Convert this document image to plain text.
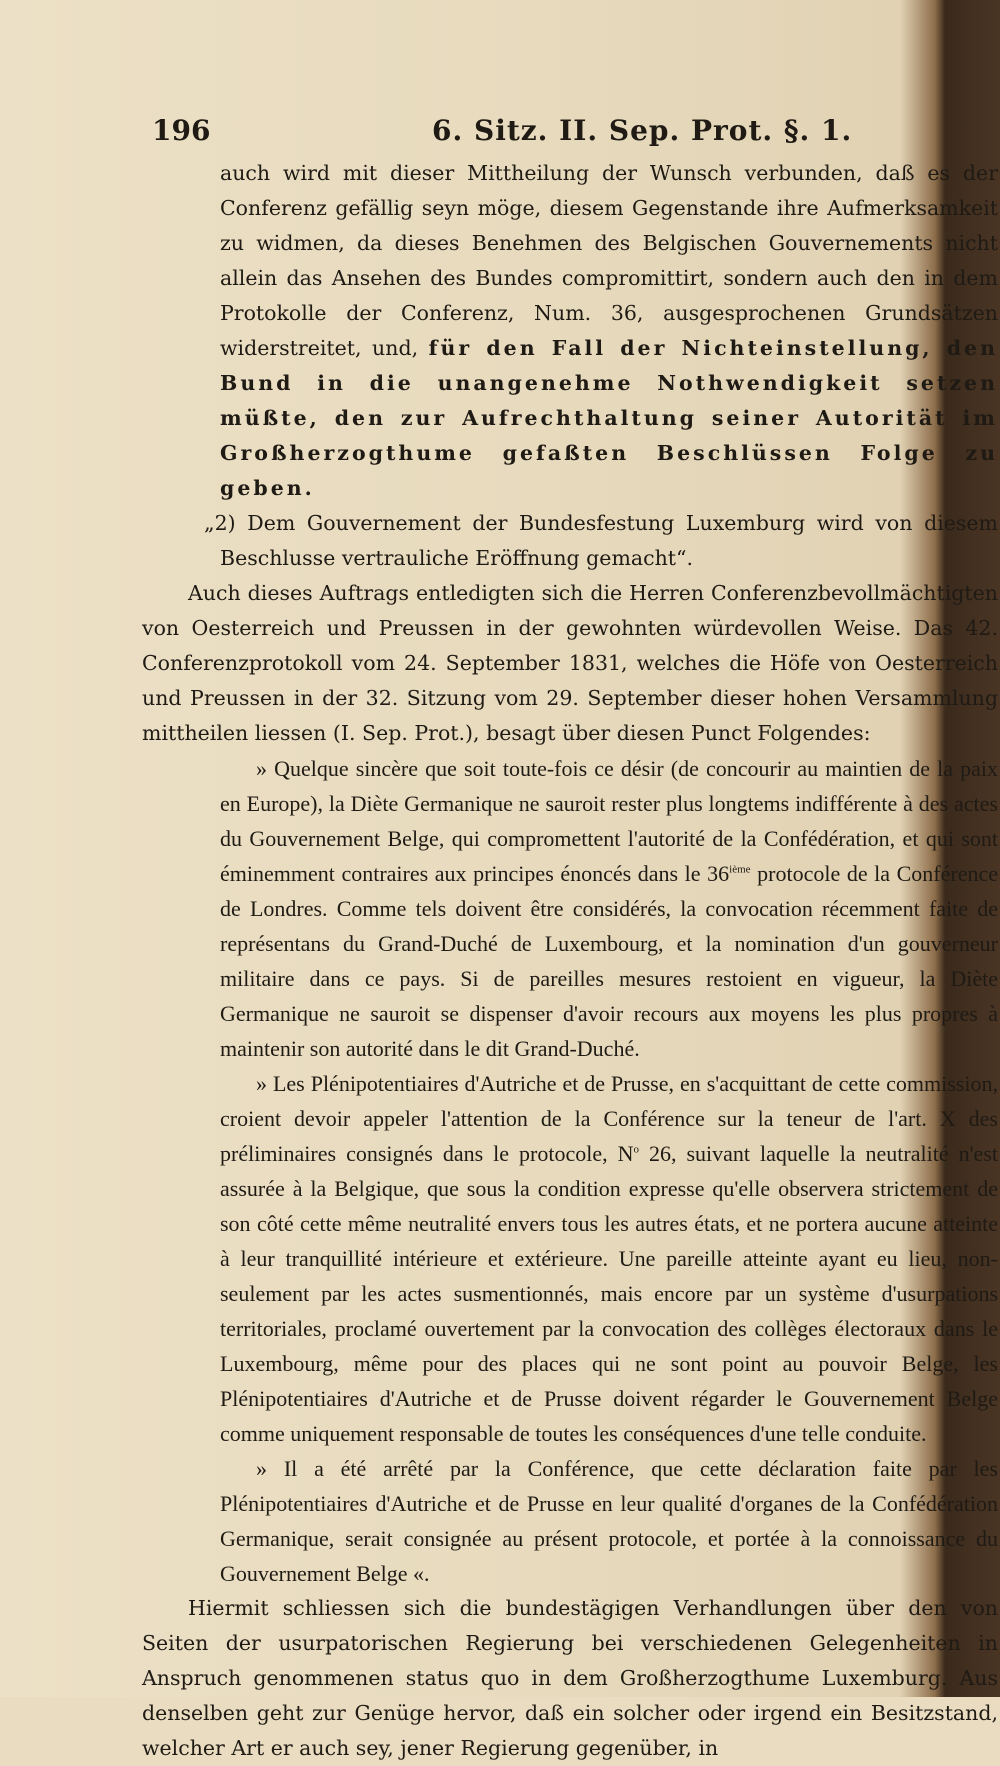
196	6. Sitz. II. Sep. Prot. §. 1.

auch wird mit dieser Mittheilung der Wunsch verbunden, daß es der Conferenz gefällig seyn möge, diesem Gegenstande ihre Aufmerksamkeit zu widmen, da dieses Benehmen des Belgischen Gouvernements nicht allein das Ansehen des Bundes compromittirt, sondern auch den in dem Protokolle der Conferenz, Num. 36, ausgesprochenen Grundsätzen widerstreitet, und, für den Fall der Nichteinstellung, den Bund in die unangenehme Nothwendigkeit setzen müßte, den zur Aufrechthaltung seiner Autorität im Großherzogthume gefaßten Beschlüssen Folge zu geben.

„2) Dem Gouvernement der Bundesfestung Luxemburg wird von diesem Beschlusse vertrauliche Eröffnung gemacht“.

Auch dieses Auftrags entledigten sich die Herren Conferenzbevollmächtigten von Oesterreich und Preussen in der gewohnten würdevollen Weise. Das 42. Conferenzprotokoll vom 24. September 1831, welches die Höfe von Oesterreich und Preussen in der 32. Sitzung vom 29. September dieser hohen Versammlung mittheilen liessen (I. Sep. Prot.), besagt über diesen Punct Folgendes:

» Quelque sincère que soit toute-fois ce désir (de concourir au maintien de la paix en Europe), la Diète Germanique ne sauroit rester plus longtems indifférente à des actes du Gouvernement Belge, qui compromettent l'autorité de la Confédération, et qui sont éminemment contraires aux principes énoncés dans le 36ième protocole de la Conférence de Londres. Comme tels doivent être considérés, la convocation récemment faite de représentans du Grand-Duché de Luxembourg, et la nomination d'un gouverneur militaire dans ce pays. Si de pareilles mesures restoient en vigueur, la Diète Germanique ne sauroit se dispenser d'avoir recours aux moyens les plus propres à maintenir son autorité dans le dit Grand-Duché.

» Les Plénipotentiaires d'Autriche et de Prusse, en s'acquittant de cette commission, croient devoir appeler l'attention de la Conférence sur la teneur de l'art. X des préliminaires consignés dans le protocole, $N^o$ 26, suivant laquelle la neutralité n'est assurée à la Belgique, que sous la condition expresse qu'elle observera strictement de son côté cette même neutralité envers tous les autres états, et ne portera aucune atteinte à leur tranquillité intérieure et extérieure. Une pareille atteinte ayant eu lieu, non-seulement par les actes susmentionnés, mais encore par un système d'usurpations territoriales, proclamé ouvertement par la convocation des collèges électoraux dans le Luxembourg, même pour des places qui ne sont point au pouvoir Belge, les Plénipotentiaires d'Autriche et de Prusse doivent régarder le Gouvernement Belge comme uniquement responsable de toutes les conséquences d'une telle conduite.

» Il a été arrêté par la Conférence, que cette déclaration faite par les Plénipotentiaires d'Autriche et de Prusse en leur qualité d'organes de la Confédération Germanique, serait consignée au présent protocole, et portée à la connoissance du Gouvernement Belge «.

Hiermit schliessen sich die bundestägigen Verhandlungen über den von Seiten der usurpatorischen Regierung bei verschiedenen Gelegenheiten in Anspruch genommenen status quo in dem Großherzogthume Luxemburg. Aus denselben geht zur Genüge hervor, daß ein solcher oder irgend ein Besitzstand, welcher Art er auch sey, jener Regierung gegenüber, in
